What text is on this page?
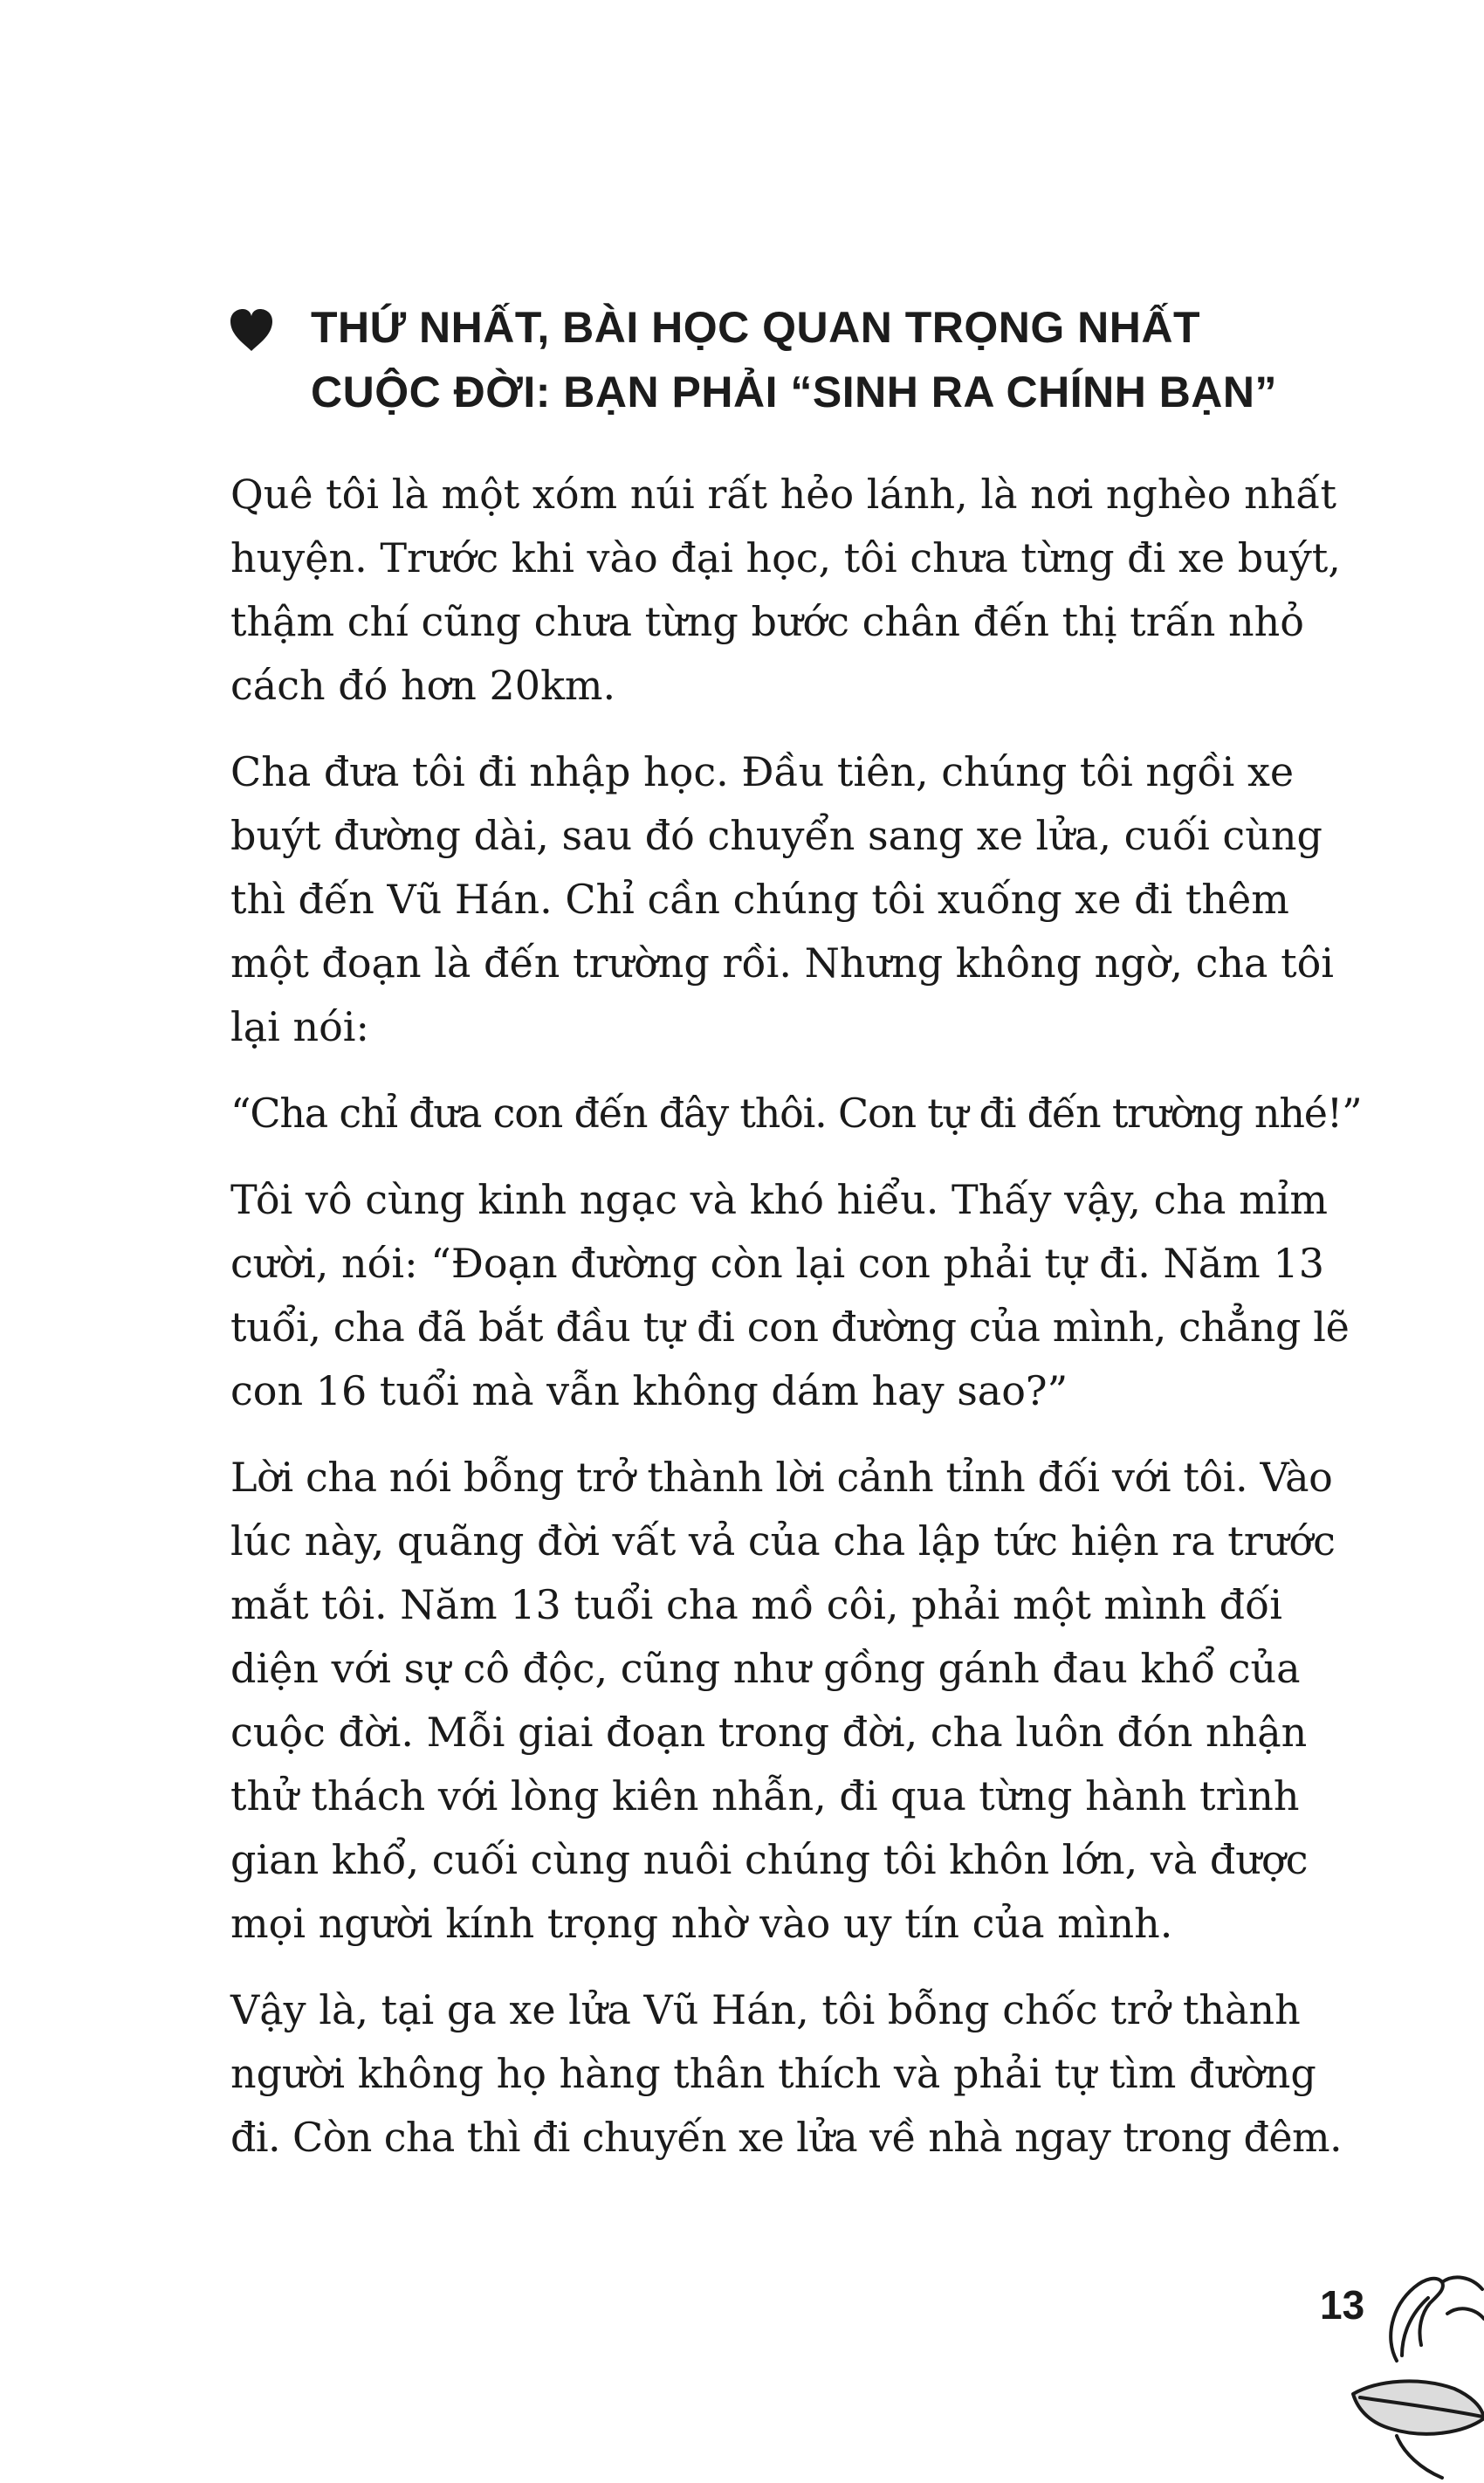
THỨ NHẤT, BÀI HỌC QUAN TRỌNG NHẤT
CUỘC ĐỜI: BẠN PHẢI “SINH RA CHÍNH BẠN”

Quê tôi là một xóm núi rất hẻo lánh, là nơi nghèo nhất
huyện. Trước khi vào đại học, tôi chưa từng đi xe buýt,
thậm chí cũng chưa từng bước chân đến thị trấn nhỏ
cách đó hơn 20km.

Cha đưa tôi đi nhập học. Đầu tiên, chúng tôi ngồi xe
buýt đường dài, sau đó chuyển sang xe lửa, cuối cùng
thì đến Vũ Hán. Chỉ cần chúng tôi xuống xe đi thêm
một đoạn là đến trường rồi. Nhưng không ngờ, cha tôi
lại nói:

“Cha chỉ đưa con đến đây thôi. Con tự đi đến trường nhé!”

Tôi vô cùng kinh ngạc và khó hiểu. Thấy vậy, cha mỉm
cười, nói: “Đoạn đường còn lại con phải tự đi. Năm 13
tuổi, cha đã bắt đầu tự đi con đường của mình, chẳng lẽ
con 16 tuổi mà vẫn không dám hay sao?”

Lời cha nói bỗng trở thành lời cảnh tỉnh đối với tôi. Vào
lúc này, quãng đời vất vả của cha lập tức hiện ra trước
mắt tôi. Năm 13 tuổi cha mồ côi, phải một mình đối
diện với sự cô độc, cũng như gồng gánh đau khổ của
cuộc đời. Mỗi giai đoạn trong đời, cha luôn đón nhận
thử thách với lòng kiên nhẫn, đi qua từng hành trình
gian khổ, cuối cùng nuôi chúng tôi khôn lớn, và được
mọi người kính trọng nhờ vào uy tín của mình.

Vậy là, tại ga xe lửa Vũ Hán, tôi bỗng chốc trở thành
người không họ hàng thân thích và phải tự tìm đường
đi. Còn cha thì đi chuyến xe lửa về nhà ngay trong đêm.

13
